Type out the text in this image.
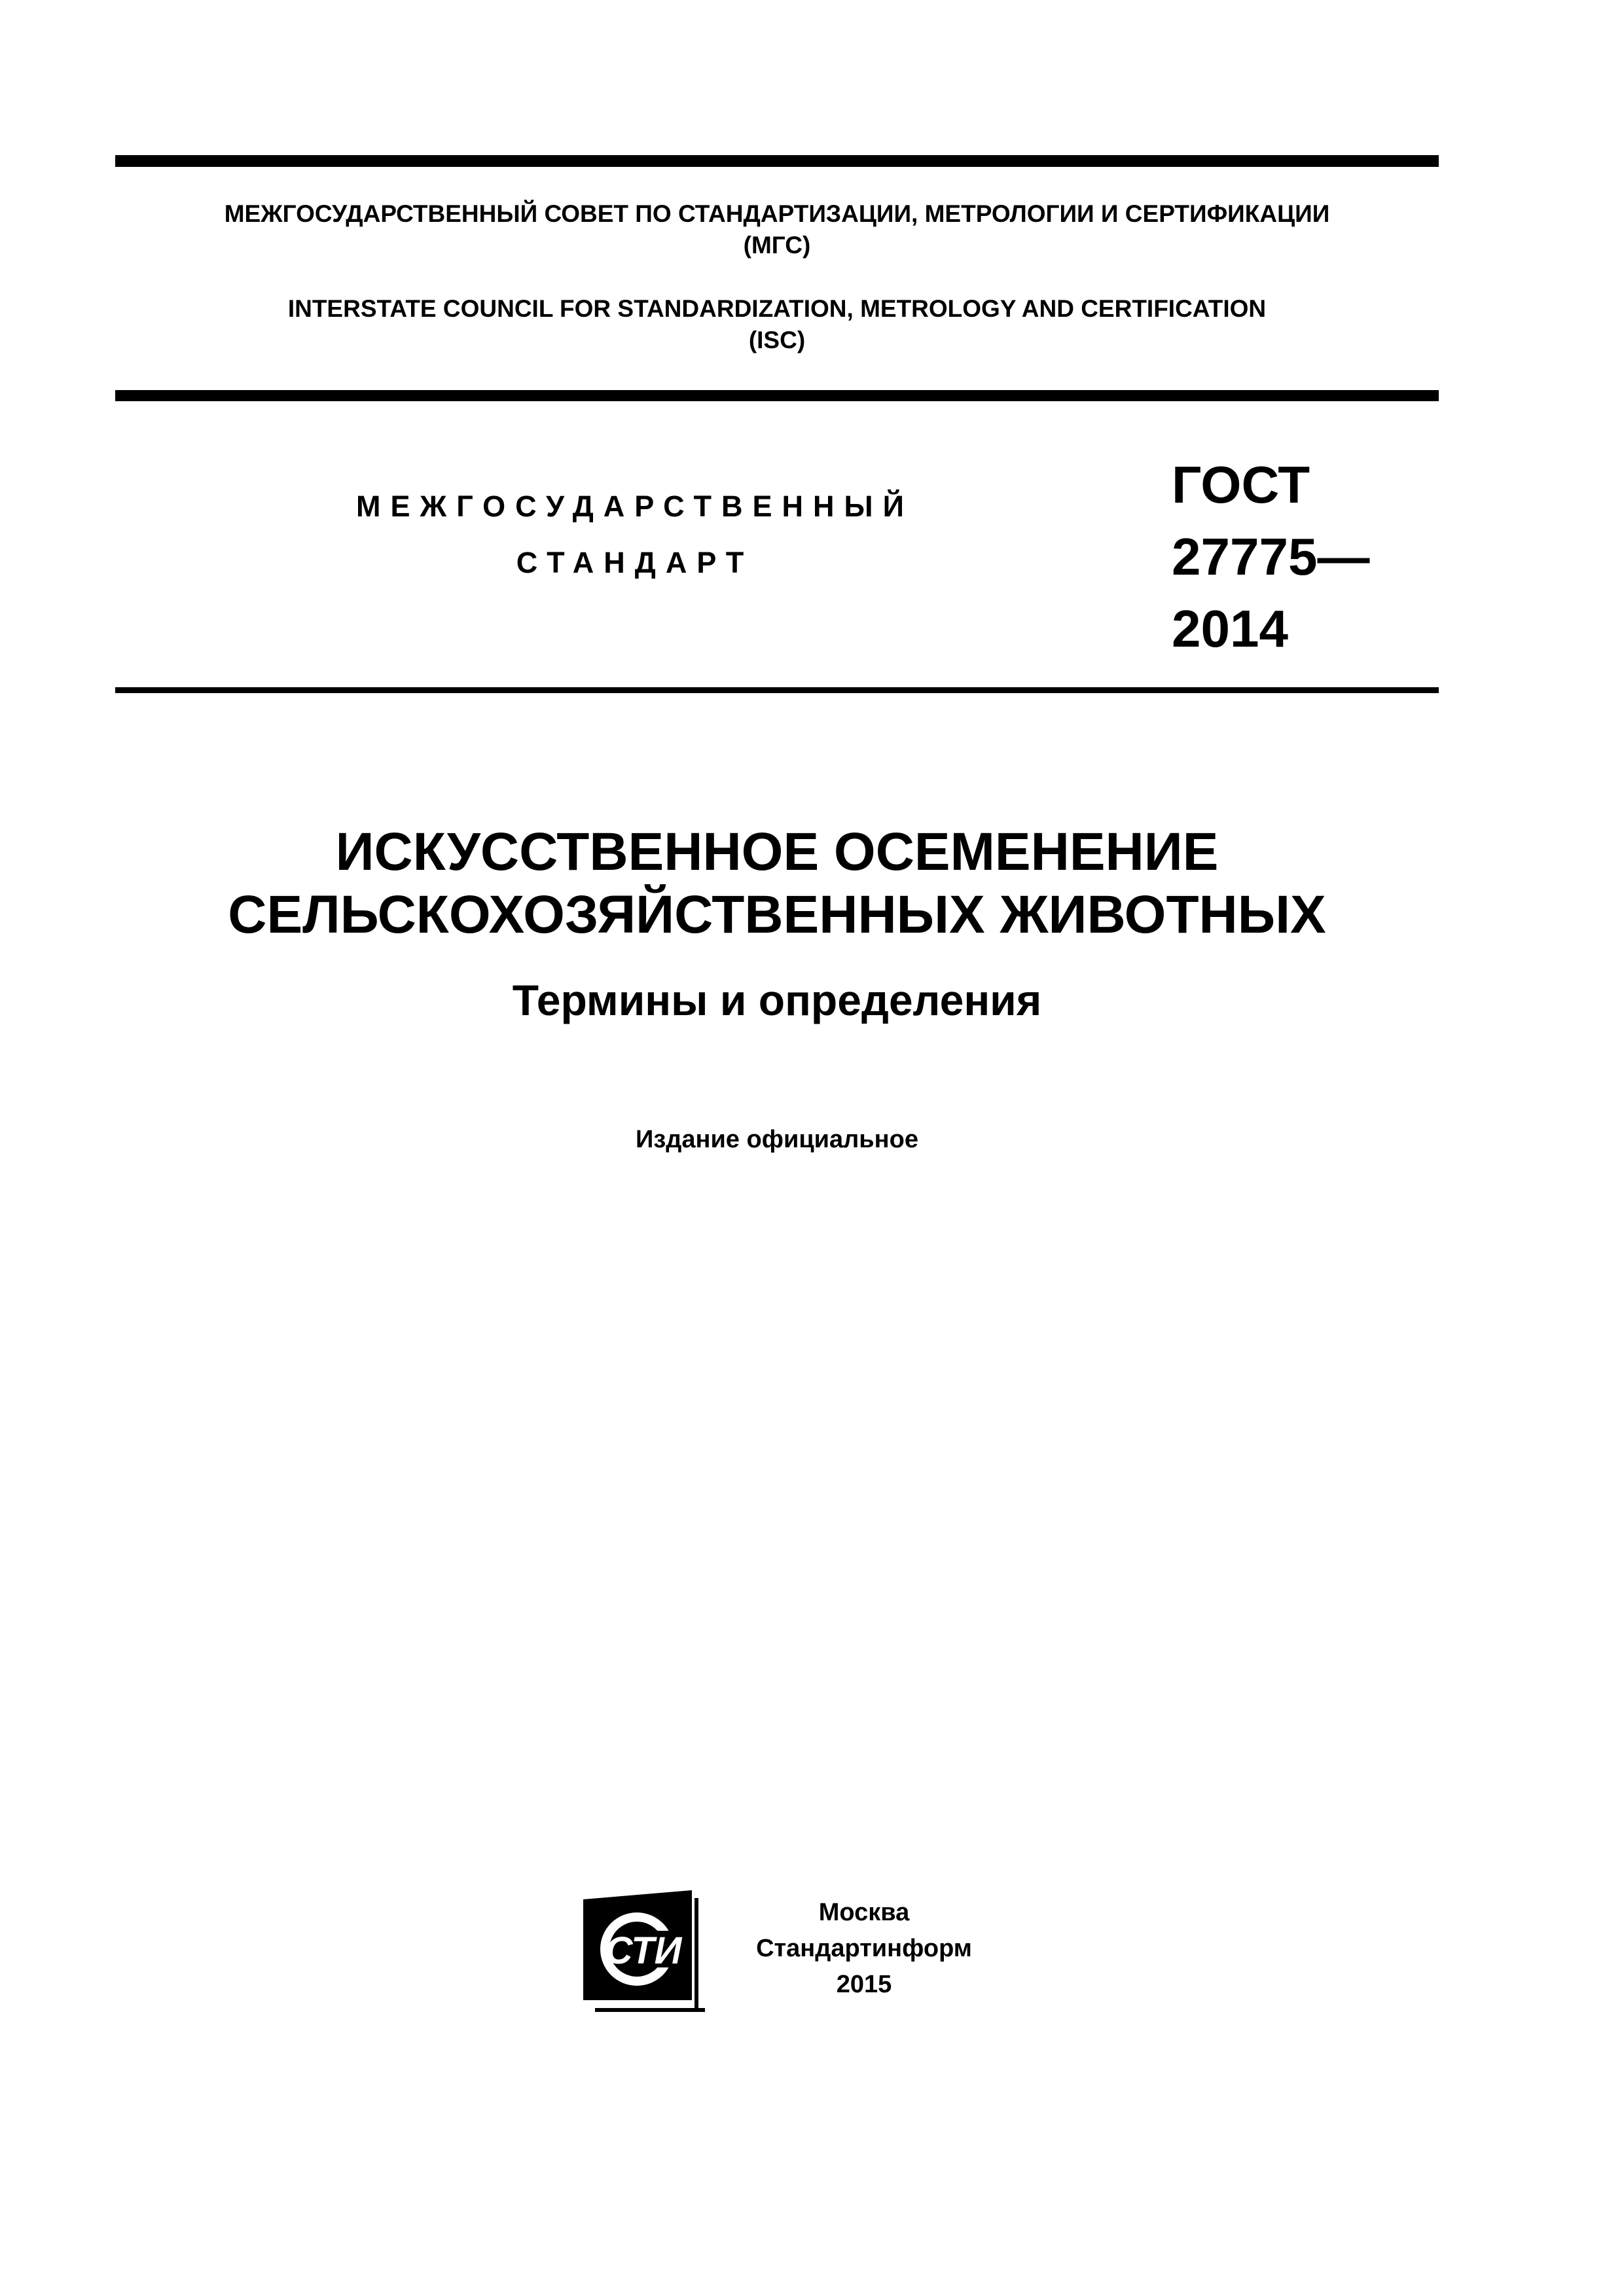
МЕЖГОСУДАРСТВЕННЫЙ СОВЕТ ПО СТАНДАРТИЗАЦИИ, МЕТРОЛОГИИ И СЕРТИФИКАЦИИ
(МГС)
INTERSTATE COUNCIL FOR STANDARDIZATION, METROLOGY AND CERTIFICATION
(ISC)
МЕЖГОСУДАРСТВЕННЫЙ
СТАНДАРТ
ГОСТ
27775—
2014
ИСКУССТВЕННОЕ ОСЕМЕНЕНИЕ
СЕЛЬСКОХОЗЯЙСТВЕННЫХ ЖИВОТНЫХ
Термины и определения
Издание официальное
СТИ
Москва
Стандартинформ
2015
